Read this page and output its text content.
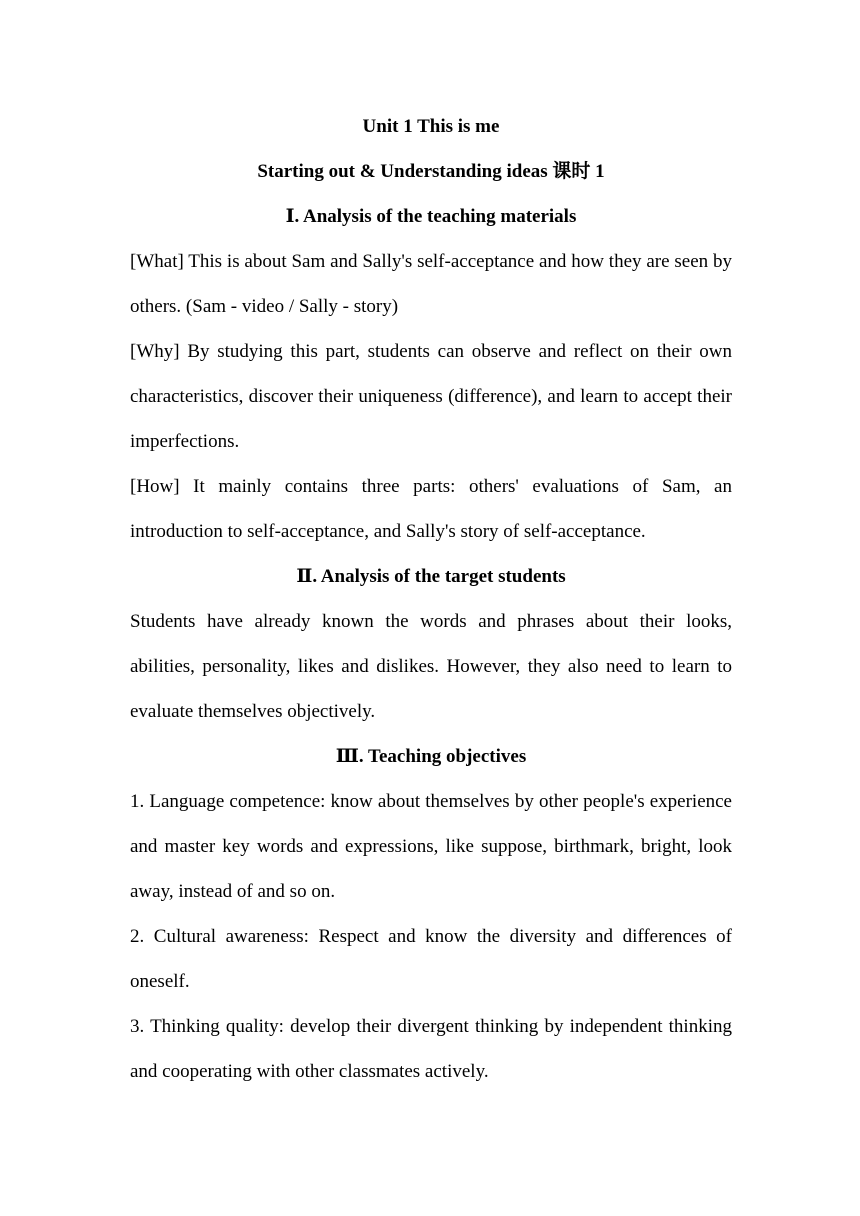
Unit 1 This is me
Starting out & Understanding ideas 课时 1
Ⅰ. Analysis of the teaching materials
[What] This is about Sam and Sally's self-acceptance and how they are seen by others. (Sam - video / Sally - story)
[Why] By studying this part, students can observe and reflect on their own characteristics, discover their uniqueness (difference), and learn to accept their imperfections.
[How] It mainly contains three parts: others' evaluations of Sam, an introduction to self-acceptance, and Sally's story of self-acceptance.
Ⅱ. Analysis of the target students
Students have already known the words and phrases about their looks, abilities, personality, likes and dislikes. However, they also need to learn to evaluate themselves objectively.
Ⅲ. Teaching objectives
1. Language competence: know about themselves by other people's experience and master key words and expressions, like suppose, birthmark, bright, look away, instead of and so on.
2. Cultural awareness: Respect and know the diversity and differences of oneself.
3. Thinking quality: develop their divergent thinking by independent thinking and cooperating with other classmates actively.
